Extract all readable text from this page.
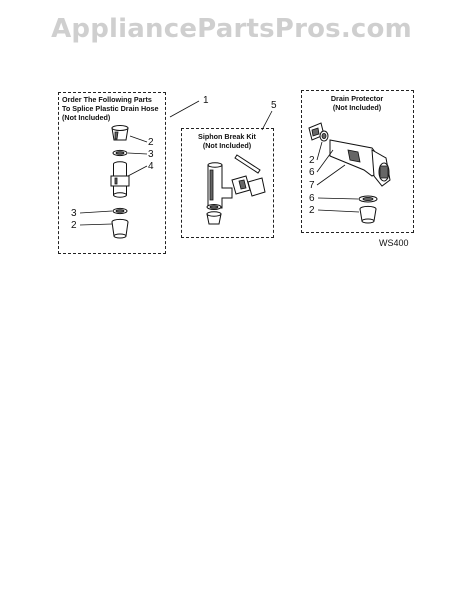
AppliancePartsPros.com
Order The Following Parts
To Splice Plastic Drain Hose
(Not Included)
Siphon Break Kit
(Not Included)
Drain Protector
(Not Included)
1
2
3
4
3
2
5
2
6
7
6
2
WS400
